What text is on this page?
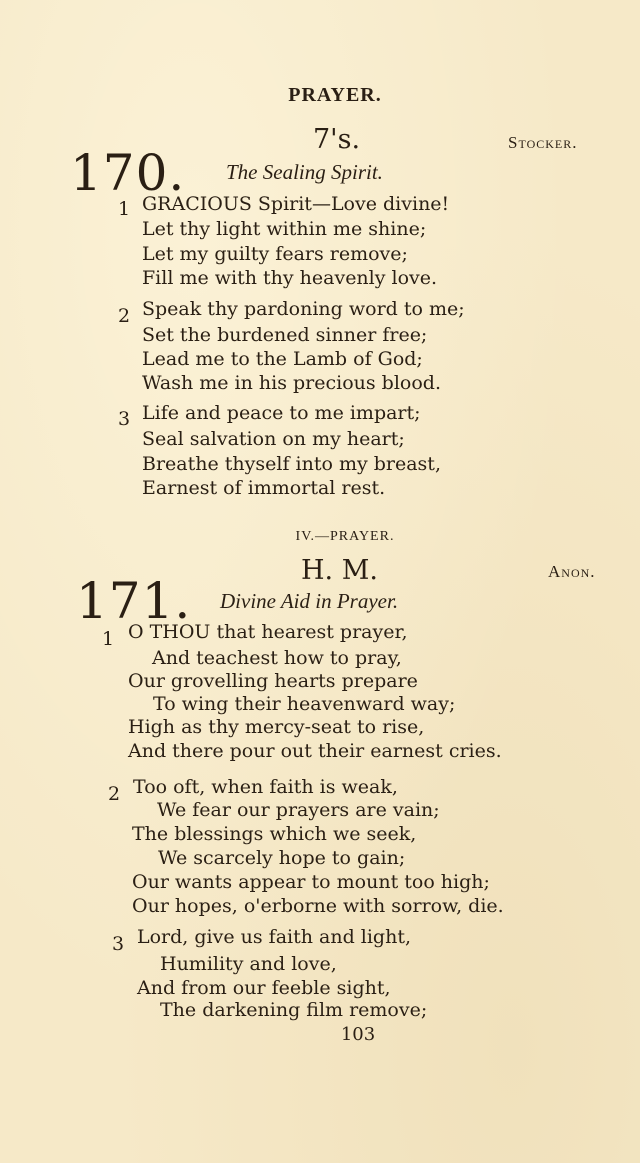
PRAYER.
170.
7's.	Stocker.
The Sealing Spirit.
1 GRACIOUS Spirit—Love divine!
Let thy light within me shine;
Let my guilty fears remove;
Fill me with thy heavenly love.
2 Speak thy pardoning word to me;
Set the burdened sinner free;
Lead me to the Lamb of God;
Wash me in his precious blood.
3 Life and peace to me impart;
Seal salvation on my heart;
Breathe thyself into my breast,
Earnest of immortal rest.
IV.—PRAYER.
171.
H. M.	Anon.
Divine Aid in Prayer.
1 O THOU that hearest prayer,
And teachest how to pray,
Our grovelling hearts prepare
To wing their heavenward way;
High as thy mercy-seat to rise,
And there pour out their earnest cries.
2 Too oft, when faith is weak,
We fear our prayers are vain;
The blessings which we seek,
We scarcely hope to gain;
Our wants appear to mount too high;
Our hopes, o'erborne with sorrow, die.
3 Lord, give us faith and light,
Humility and love,
And from our feeble sight,
The darkening film remove;
103
